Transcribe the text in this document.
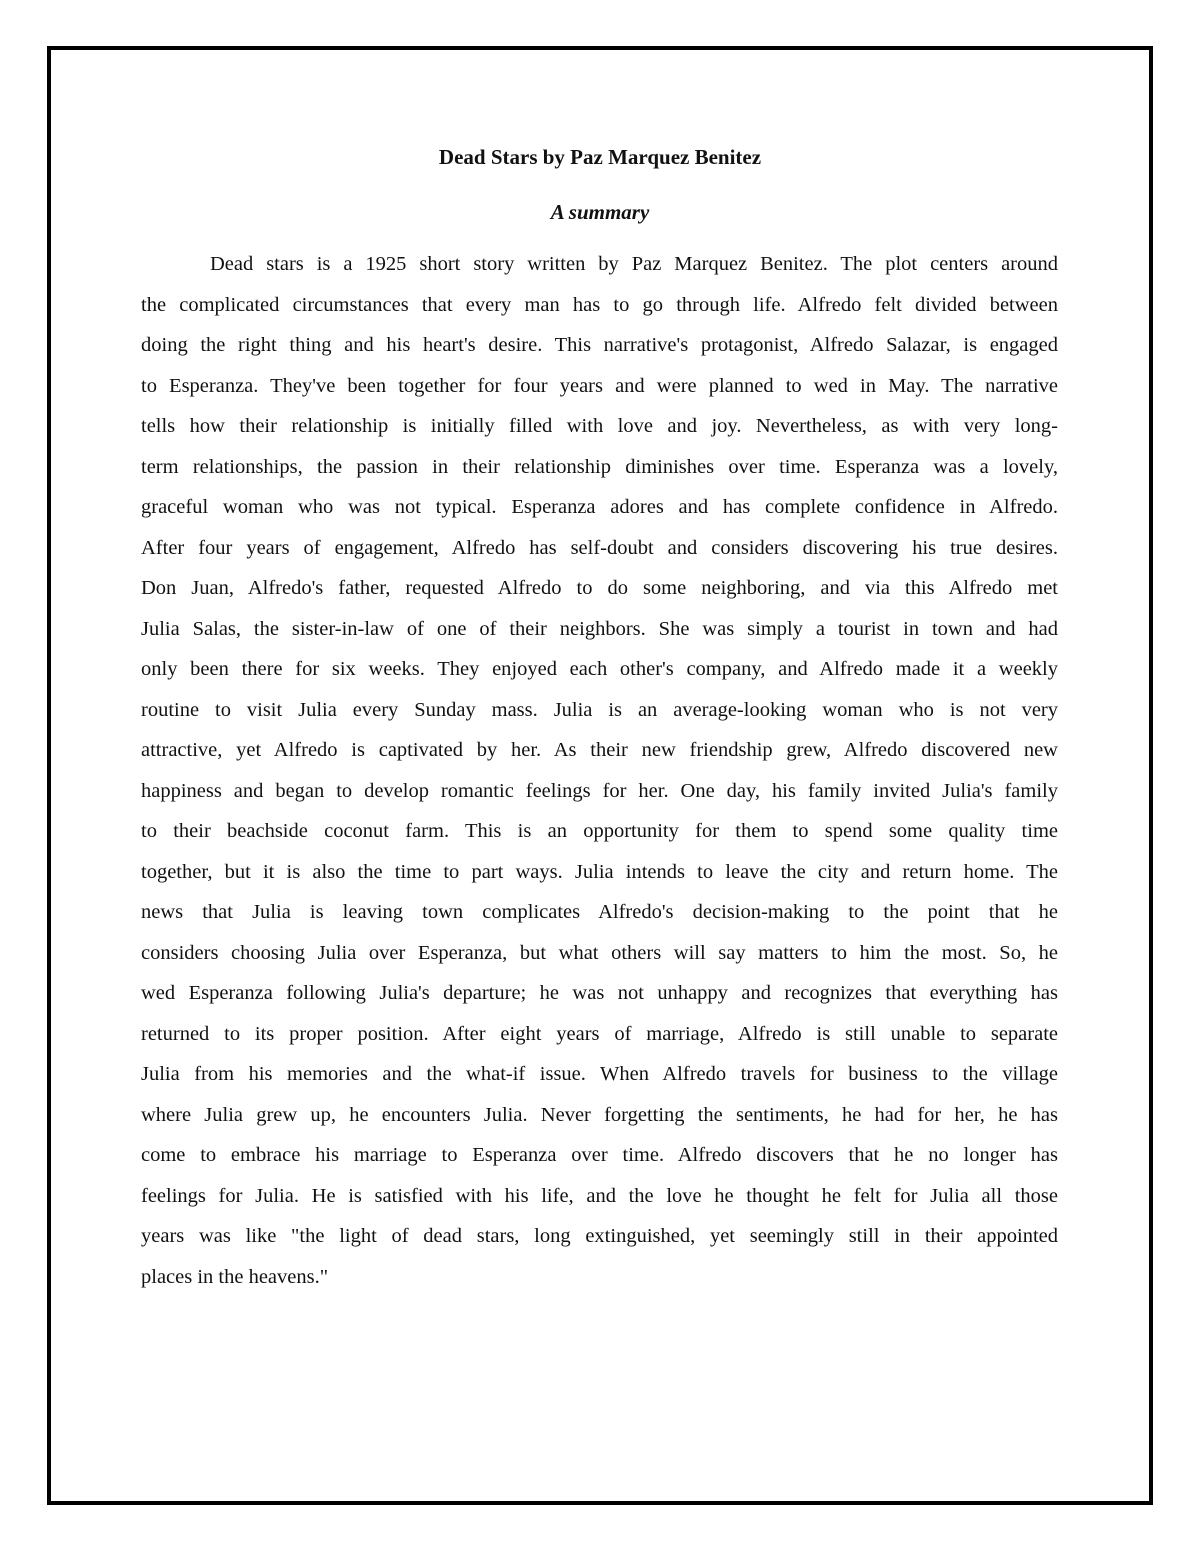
Dead Stars by Paz Marquez Benitez
A summary
Dead stars is a 1925 short story written by Paz Marquez Benitez. The plot centers around
the complicated circumstances that every man has to go through life. Alfredo felt divided between
doing the right thing and his heart's desire. This narrative's protagonist, Alfredo Salazar, is engaged
to Esperanza. They've been together for four years and were planned to wed in May. The narrative
tells how their relationship is initially filled with love and joy. Nevertheless, as with very long-
term relationships, the passion in their relationship diminishes over time. Esperanza was a lovely,
graceful woman who was not typical. Esperanza adores and has complete confidence in Alfredo.
After four years of engagement, Alfredo has self-doubt and considers discovering his true desires.
Don Juan, Alfredo's father, requested Alfredo to do some neighboring, and via this Alfredo met
Julia Salas, the sister-in-law of one of their neighbors. She was simply a tourist in town and had
only been there for six weeks. They enjoyed each other's company, and Alfredo made it a weekly
routine to visit Julia every Sunday mass. Julia is an average-looking woman who is not very
attractive, yet Alfredo is captivated by her. As their new friendship grew, Alfredo discovered new
happiness and began to develop romantic feelings for her. One day, his family invited Julia's family
to their beachside coconut farm. This is an opportunity for them to spend some quality time
together, but it is also the time to part ways. Julia intends to leave the city and return home. The
news that Julia is leaving town complicates Alfredo's decision-making to the point that he
considers choosing Julia over Esperanza, but what others will say matters to him the most. So, he
wed Esperanza following Julia's departure; he was not unhappy and recognizes that everything has
returned to its proper position. After eight years of marriage, Alfredo is still unable to separate
Julia from his memories and the what-if issue. When Alfredo travels for business to the village
where Julia grew up, he encounters Julia. Never forgetting the sentiments, he had for her, he has
come to embrace his marriage to Esperanza over time. Alfredo discovers that he no longer has
feelings for Julia. He is satisfied with his life, and the love he thought he felt for Julia all those
years was like "the light of dead stars, long extinguished, yet seemingly still in their appointed
places in the heavens."
